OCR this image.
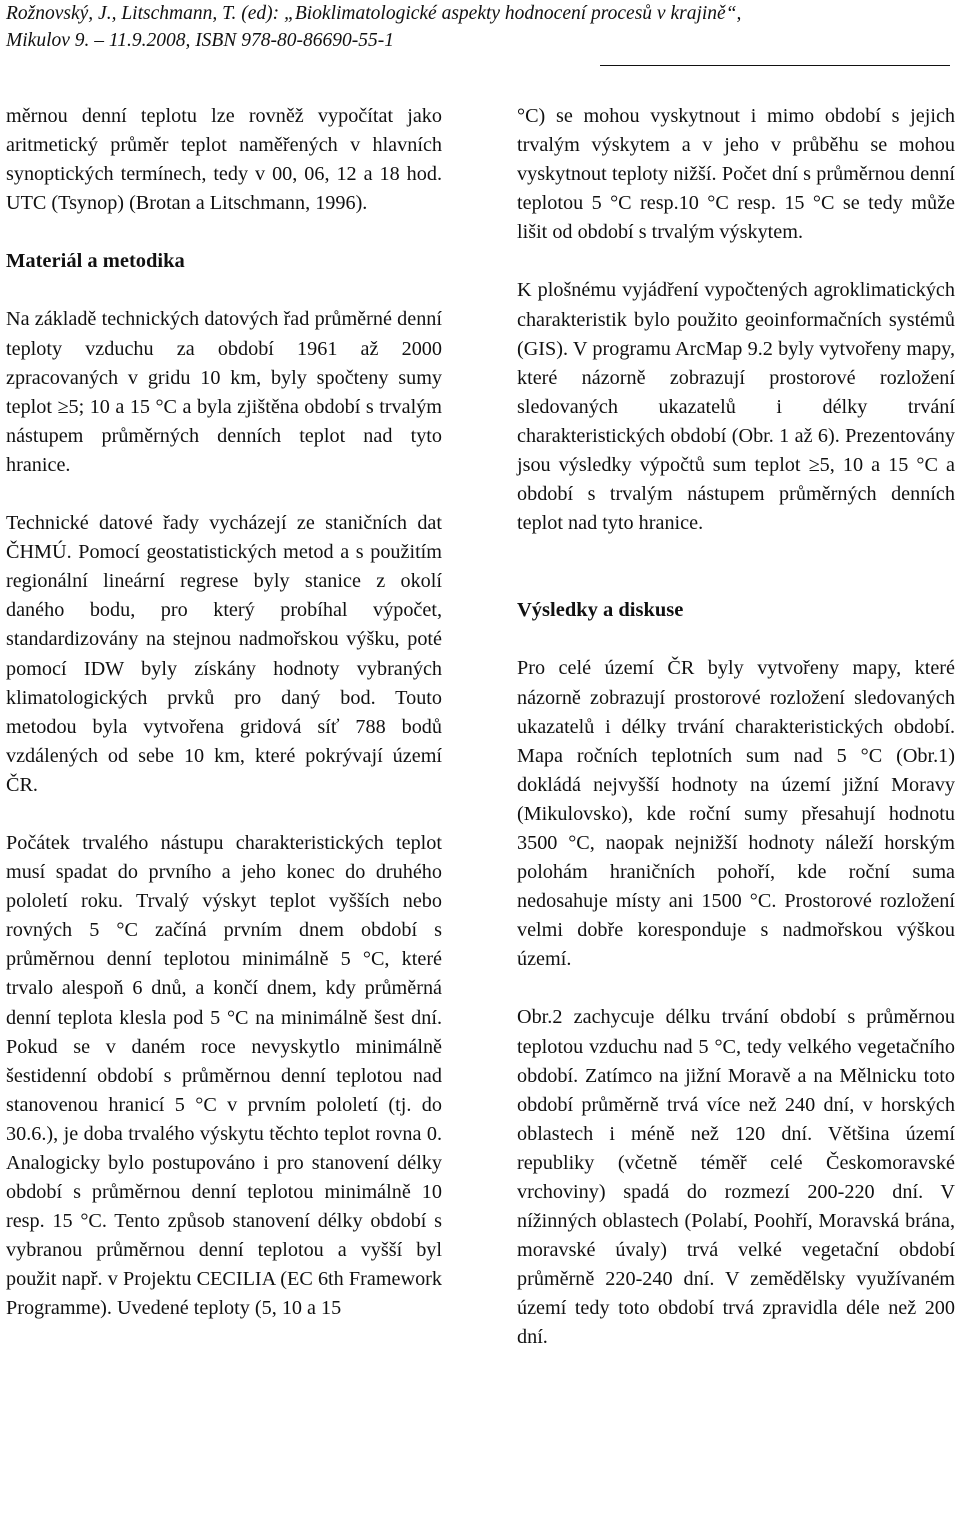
Rožnovský, J., Litschmann, T. (ed): „Bioklimatologické aspekty hodnocení procesů v krajině“,
Mikulov 9. – 11.9.2008, ISBN 978-80-86690-55-1

měrnou denní teplotu lze rovněž vypočítat jako aritmetický průměr teplot naměřených v hlavních synoptických termínech, tedy v 00, 06, 12 a 18 hod. UTC (Tsynop) (Brotan a Litschmann, 1996).

Materiál a metodika

Na základě technických datových řad průměrné denní teploty vzduchu za období 1961 až 2000 zpracovaných v gridu 10 km, byly spočteny sumy teplot ≥5; 10 a 15 °C a byla zjištěna období s trvalým nástupem průměrných denních teplot nad tyto hranice.

Technické datové řady vycházejí ze staničních dat ČHMÚ. Pomocí geostatistických metod a s použitím regionální lineární regrese byly stanice z okolí daného bodu, pro který probíhal výpočet, standardizovány na stejnou nadmořskou výšku, poté pomocí IDW byly získány hodnoty vybraných klimatologických prvků pro daný bod. Touto metodou byla vytvořena gridová síť 788 bodů vzdálených od sebe 10 km, které pokrývají území ČR.

Počátek trvalého nástupu charakteristických teplot musí spadat do prvního a jeho konec do druhého pololetí roku. Trvalý výskyt teplot vyšších nebo rovných 5 °C začíná prvním dnem období s průměrnou denní teplotou minimálně 5 °C, které trvalo alespoň 6 dnů, a končí dnem, kdy průměrná denní teplota klesla pod 5 °C na minimálně šest dní. Pokud se v daném roce nevyskytlo minimálně šestidenní období s průměrnou denní teplotou nad stanovenou hranicí 5 °C v prvním pololetí (tj. do 30.6.), je doba trvalého výskytu těchto teplot rovna 0. Analogicky bylo postupováno i pro stanovení délky období s průměrnou denní teplotou minimálně 10 resp. 15 °C. Tento způsob stanovení délky období s vybranou průměrnou denní teplotou a vyšší byl použit např. v Projektu CECILIA (EC 6th Framework Programme). Uvedené teploty (5, 10 a 15

°C) se mohou vyskytnout i mimo období s jejich trvalým výskytem a v jeho v průběhu se mohou vyskytnout teploty nižší. Počet dní s průměrnou denní teplotou 5 °C resp.10 °C resp. 15 °C se tedy může lišit od období s trvalým výskytem.

K plošnému vyjádření vypočtených agroklimatických charakteristik bylo použito geoinformačních systémů (GIS). V programu ArcMap 9.2 byly vytvořeny mapy, které názorně zobrazují prostorové rozložení sledovaných ukazatelů i délky trvání charakteristických období (Obr. 1 až 6). Prezentovány jsou výsledky výpočtů sum teplot ≥5, 10 a 15 °C a období s trvalým nástupem průměrných denních teplot nad tyto hranice.

Výsledky a diskuse

Pro celé území ČR byly vytvořeny mapy, které názorně zobrazují prostorové rozložení sledovaných ukazatelů i délky trvání charakteristických období. Mapa ročních teplotních sum nad 5 °C (Obr.1) dokládá nejvyšší hodnoty na území jižní Moravy (Mikulovsko), kde roční sumy přesahují hodnotu 3500 °C, naopak nejnižší hodnoty náleží horským polohám hraničních pohoří, kde roční suma nedosahuje místy ani 1500 °C. Prostorové rozložení velmi dobře koresponduje s nadmořskou výškou území.

Obr.2 zachycuje délku trvání období s průměrnou teplotou vzduchu nad 5 °C, tedy velkého vegetačního období. Zatímco na jižní Moravě a na Mělnicku toto období průměrně trvá více než 240 dní, v horských oblastech i méně než 120 dní. Většina území republiky (včetně téměř celé Českomoravské vrchoviny) spadá do rozmezí 200-220 dní. V nížinných oblastech (Polabí, Poohří, Moravská brána, moravské úvaly) trvá velké vegetační období průměrně 220-240 dní. V zemědělsky využívaném území tedy toto období trvá zpravidla déle než 200 dní.
